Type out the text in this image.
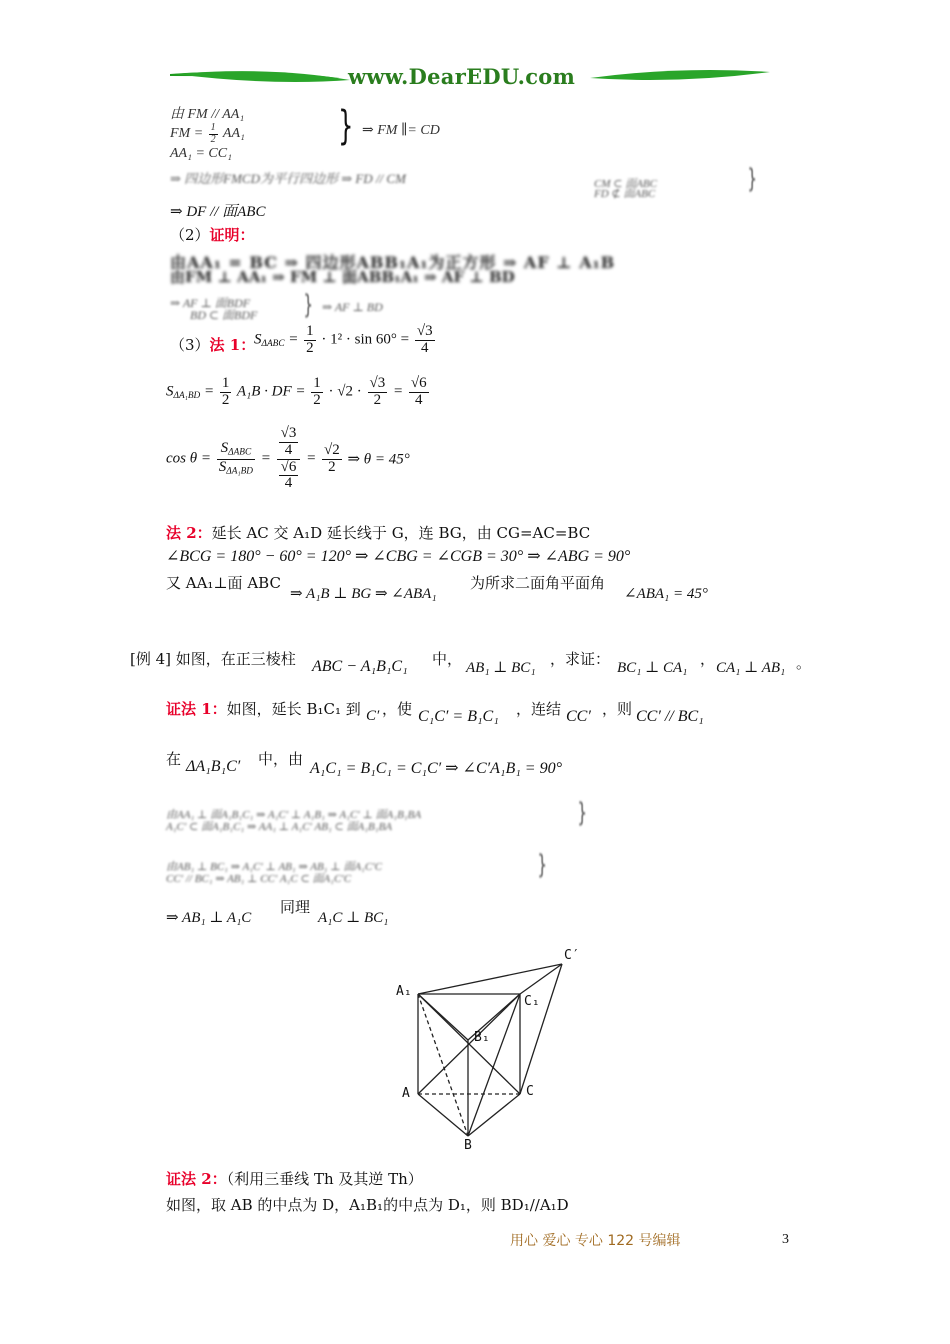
www.DearEDU.com
由 FM // AA₁
FM = $\frac{1}{2} AA_1$
AA₁ = CC₁
} ⇒ FM ∥= CD
⇒ 四边形FMCD为平行四边形 ⇒ FD // CM	CM ⊂ 面ABC
FD ⊄ 面ABC	}
⇒ DF // 面ABC
（2）证明：
由AA₁ = BC ⇒ 四边形ABB₁A₁为正方形 ⇒ AF ⊥ A₁B
由FM ⊥ AA₁ ⇒ FM ⊥ 面ABB₁A₁ ⇒ AF ⊥ BD
⇒ AF ⊥ 面BDF
BD ⊂ 面BDF } ⇒ AF ⊥ BD
（3）法 1：
$S_{\Delta ABC} = \frac{1}{2} \cdot 1^2 \cdot \sin 60^\circ = \frac{√3}{4}$
$S_{\Delta A_1BD} = \frac{1}{2} A_1B$ · DF = $\frac{1}{2} \cdot √2 \cdot \frac{√3}{2} = \frac{√6}{4}$
$\cos \theta = \frac{S_{\Delta ABC}}{S_{\Delta A_1BD}} = \frac{\frac{√3}{4}}{\frac{√6}{4}} = \frac{√2}{2}$ ⇒ θ = 45°
法 2：延长 AC 交 A₁D 延长线于 G，连 BG，由 CG=AC=BC
∠BCG = 180° − 60° = 120° ⇒ ∠CBG = ∠CGB = 30° ⇒ ∠ABG = 90°
又 AA₁⊥面 ABC
⇒ A₁B ⊥ BG ⇒ ∠ABA₁
为所求二面角平面角
∠ABA₁ = 45°
[例 4] 如图，在正三棱柱 ABC − A₁B₁C₁ 中， AB₁ ⊥ BC₁ ，求证： BC₁ ⊥ CA₁ ， CA₁ ⊥ AB₁ 。
证法 1：如图，延长 B₁C₁ 到 C′ ，使 C₁C′ = B₁C₁ ，连结 CC′ ，则 CC′ // BC₁
在 ΔA₁B₁C′ 中，由
A₁C₁ = B₁C₁ = C₁C′ ⇒ ∠C′A₁B₁ = 90°
由AA₁ ⊥ 面A₁B₁C₁ ⇒ A₁C′ ⊥ A₁B₁ ⇒ A₁C′ ⊥ 面A₁B₁BA
A₁C′ ⊂ 面A₁B₁C₁ ⇒ AA₁ ⊥ A₁C′ AB₁ ⊂ 面A₁B₁BA	}
由AB₁ ⊥ BC₁ ⇒ A₁C′ ⊥ AB₁ ⇒ AB₁ ⊥ 面A₁C′C
CC′ // BC₁ ⇒ AB₁ ⊥ CC′ A₁C ⊂ 面A₁C′C	}
⇒ AB₁ ⊥ A₁C
同理
A₁C ⊥ BC₁
A₁
C₁
B₁
A
B
C
C′
证法 2：（利用三垂线 Th 及其逆 Th）
如图，取 AB 的中点为 D，A₁B₁的中点为 D₁，则 BD₁//A₁D
用心 爱心 专心 122 号编辑	3
